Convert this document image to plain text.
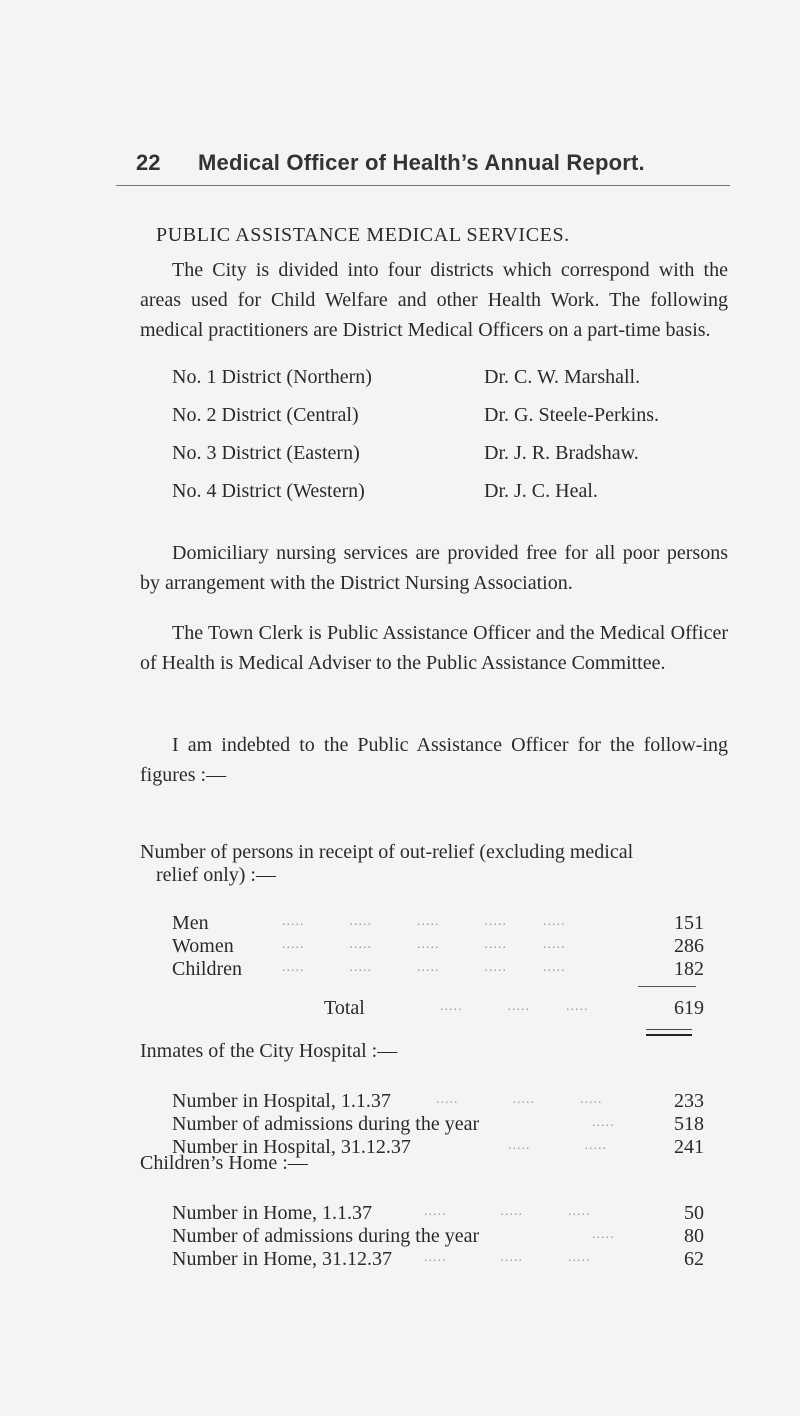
22 Medical Officer of Health’s Annual Report.
PUBLIC ASSISTANCE MEDICAL SERVICES.
The City is divided into four districts which correspond with the areas used for Child Welfare and other Health Work. The following medical practitioners are District Medical Officers on a part-time basis.
No. 1 District (Northern)	Dr. C. W. Marshall.
No. 2 District (Central)	Dr. G. Steele-Perkins.
No. 3 District (Eastern)	Dr. J. R. Bradshaw.
No. 4 District (Western)	Dr. J. C. Heal.
Domiciliary nursing services are provided free for all poor persons by arrangement with the District Nursing Association.
The Town Clerk is Public Assistance Officer and the Medical Officer of Health is Medical Adviser to the Public Assistance Committee.
I am indebted to the Public Assistance Officer for the follow-ing figures :—
Number of persons in receipt of out-relief (excluding medical
relief only) :—
Men	.....          .....          .....          .....        .....	151
Women	.....          .....          .....          .....        .....	286
Children	.....          .....          .....          .....        .....	182
Total	.....          .....        .....	619
Inmates of the City Hospital :—
Number in Hospital, 1.1.37	.....            .....          .....	233
Number of admissions during the year	.....	518
Number in Hospital, 31.12.37	.....            .....	241
Children’s Home :—
Number in Home, 1.1.37	.....            .....          .....	50
Number of admissions during the year	.....	80
Number in Home, 31.12.37 .....            .....          .....	62
